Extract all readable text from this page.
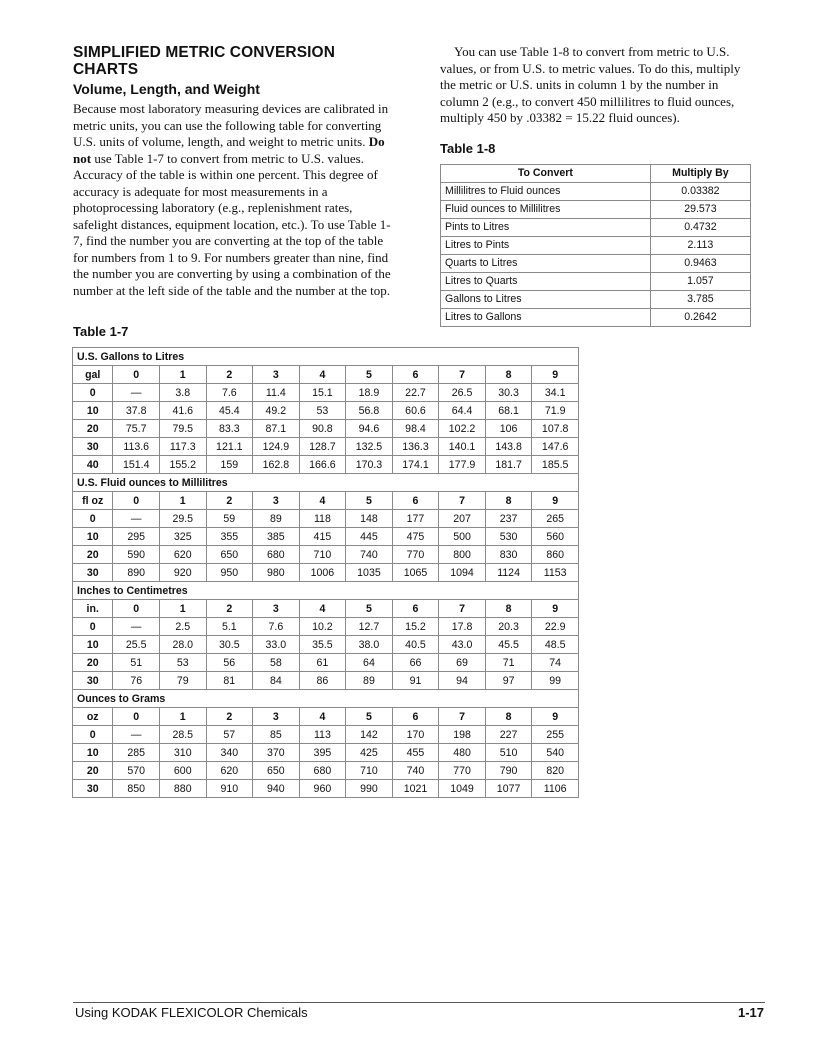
SIMPLIFIED METRIC CONVERSION CHARTS
Volume, Length, and Weight

Because most laboratory measuring devices are calibrated in metric units, you can use the following table for converting U.S. units of volume, length, and weight to metric units. Do not use Table 1-7 to convert from metric to U.S. values. Accuracy of the table is within one percent. This degree of accuracy is adequate for most measurements in a photoprocessing laboratory (e.g., replenishment rates, safelight distances, equipment location, etc.). To use Table 1-7, find the number you are converting at the top of the table for numbers from 1 to 9. For numbers greater than nine, find the number you are converting by using a combination of the number at the left side of the table and the number at the top.

You can use Table 1-8 to convert from metric to U.S. values, or from U.S. to metric values. To do this, multiply the metric or U.S. units in column 1 by the number in column 2 (e.g., to convert 450 millilitres to fluid ounces, multiply 450 by .03382 = 15.22 fluid ounces).

Table 1-8

To Convert	Multiply By
Millilitres to Fluid ounces	0.03382
Fluid ounces to Millilitres	29.573
Pints to Litres	0.4732
Litres to Pints	2.113
Quarts to Litres	0.9463
Litres to Quarts	1.057
Gallons to Litres	3.785
Litres to Gallons	0.2642

Table 1-7

U.S. Gallons to Litres										
gal	0	1	2	3	4	5	6	7	8	9
0	—	3.8	7.6	11.4	15.1	18.9	22.7	26.5	30.3	34.1
10	37.8	41.6	45.4	49.2	53	56.8	60.6	64.4	68.1	71.9
20	75.7	79.5	83.3	87.1	90.8	94.6	98.4	102.2	106	107.8
30	113.6	117.3	121.1	124.9	128.7	132.5	136.3	140.1	143.8	147.6
40	151.4	155.2	159	162.8	166.6	170.3	174.1	177.9	181.7	185.5
U.S. Fluid ounces to Millilitres										
fl oz	0	1	2	3	4	5	6	7	8	9
0	—	29.5	59	89	118	148	177	207	237	265
10	295	325	355	385	415	445	475	500	530	560
20	590	620	650	680	710	740	770	800	830	860
30	890	920	950	980	1006	1035	1065	1094	1124	1153
Inches to Centimetres										
in.	0	1	2	3	4	5	6	7	8	9
0	—	2.5	5.1	7.6	10.2	12.7	15.2	17.8	20.3	22.9
10	25.5	28.0	30.5	33.0	35.5	38.0	40.5	43.0	45.5	48.5
20	51	53	56	58	61	64	66	69	71	74
30	76	79	81	84	86	89	91	94	97	99
Ounces to Grams										
oz	0	1	2	3	4	5	6	7	8	9
0	—	28.5	57	85	113	142	170	198	227	255
10	285	310	340	370	395	425	455	480	510	540
20	570	600	620	650	680	710	740	770	790	820
30	850	880	910	940	960	990	1021	1049	1077	1106
Using KODAK FLEXICOLOR Chemicals	1-17
